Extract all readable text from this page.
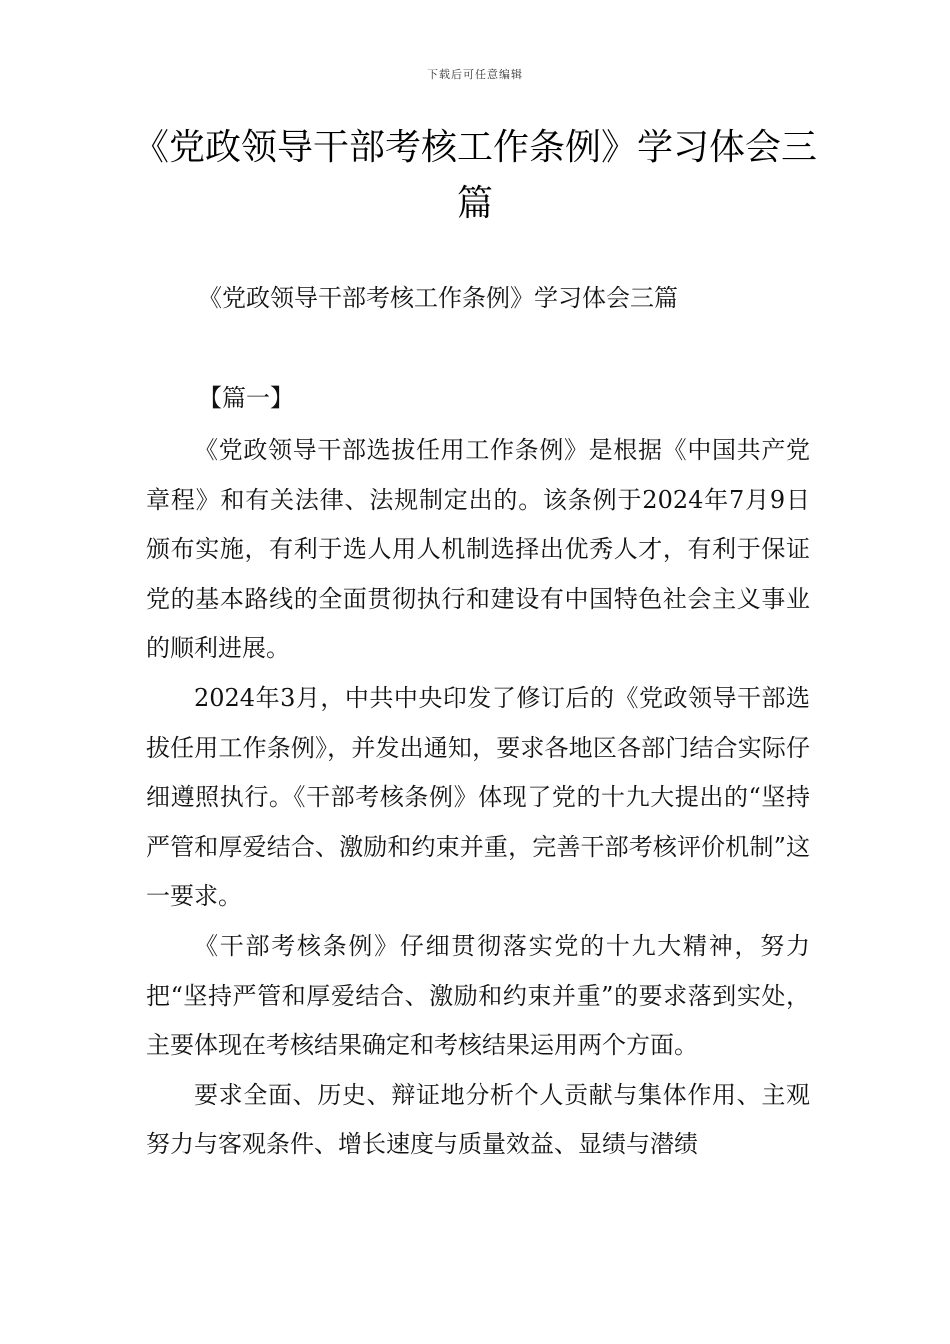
下载后可任意编辑
《党政领导干部考核工作条例》学习体会三篇

《党政领导干部考核工作条例》学习体会三篇

【篇一】

《党政领导干部选拔任用工作条例》是根据《中国共产党章程》和有关法律、法规制定出的。该条例于2024年7月9日颁布实施，有利于选人用人机制选择出优秀人才，有利于保证党的基本路线的全面贯彻执行和建设有中国特色社会主义事业的顺利进展。

2024年3月，中共中央印发了修订后的《党政领导干部选拔任用工作条例》，并发出通知，要求各地区各部门结合实际仔细遵照执行。《干部考核条例》体现了党的十九大提出的“坚持严管和厚爱结合、激励和约束并重，完善干部考核评价机制”这一要求。

《干部考核条例》仔细贯彻落实党的十九大精神，努力把“坚持严管和厚爱结合、激励和约束并重”的要求落到实处，主要体现在考核结果确定和考核结果运用两个方面。

要求全面、历史、辩证地分析个人贡献与集体作用、主观努力与客观条件、增长速度与质量效益、显绩与潜绩
